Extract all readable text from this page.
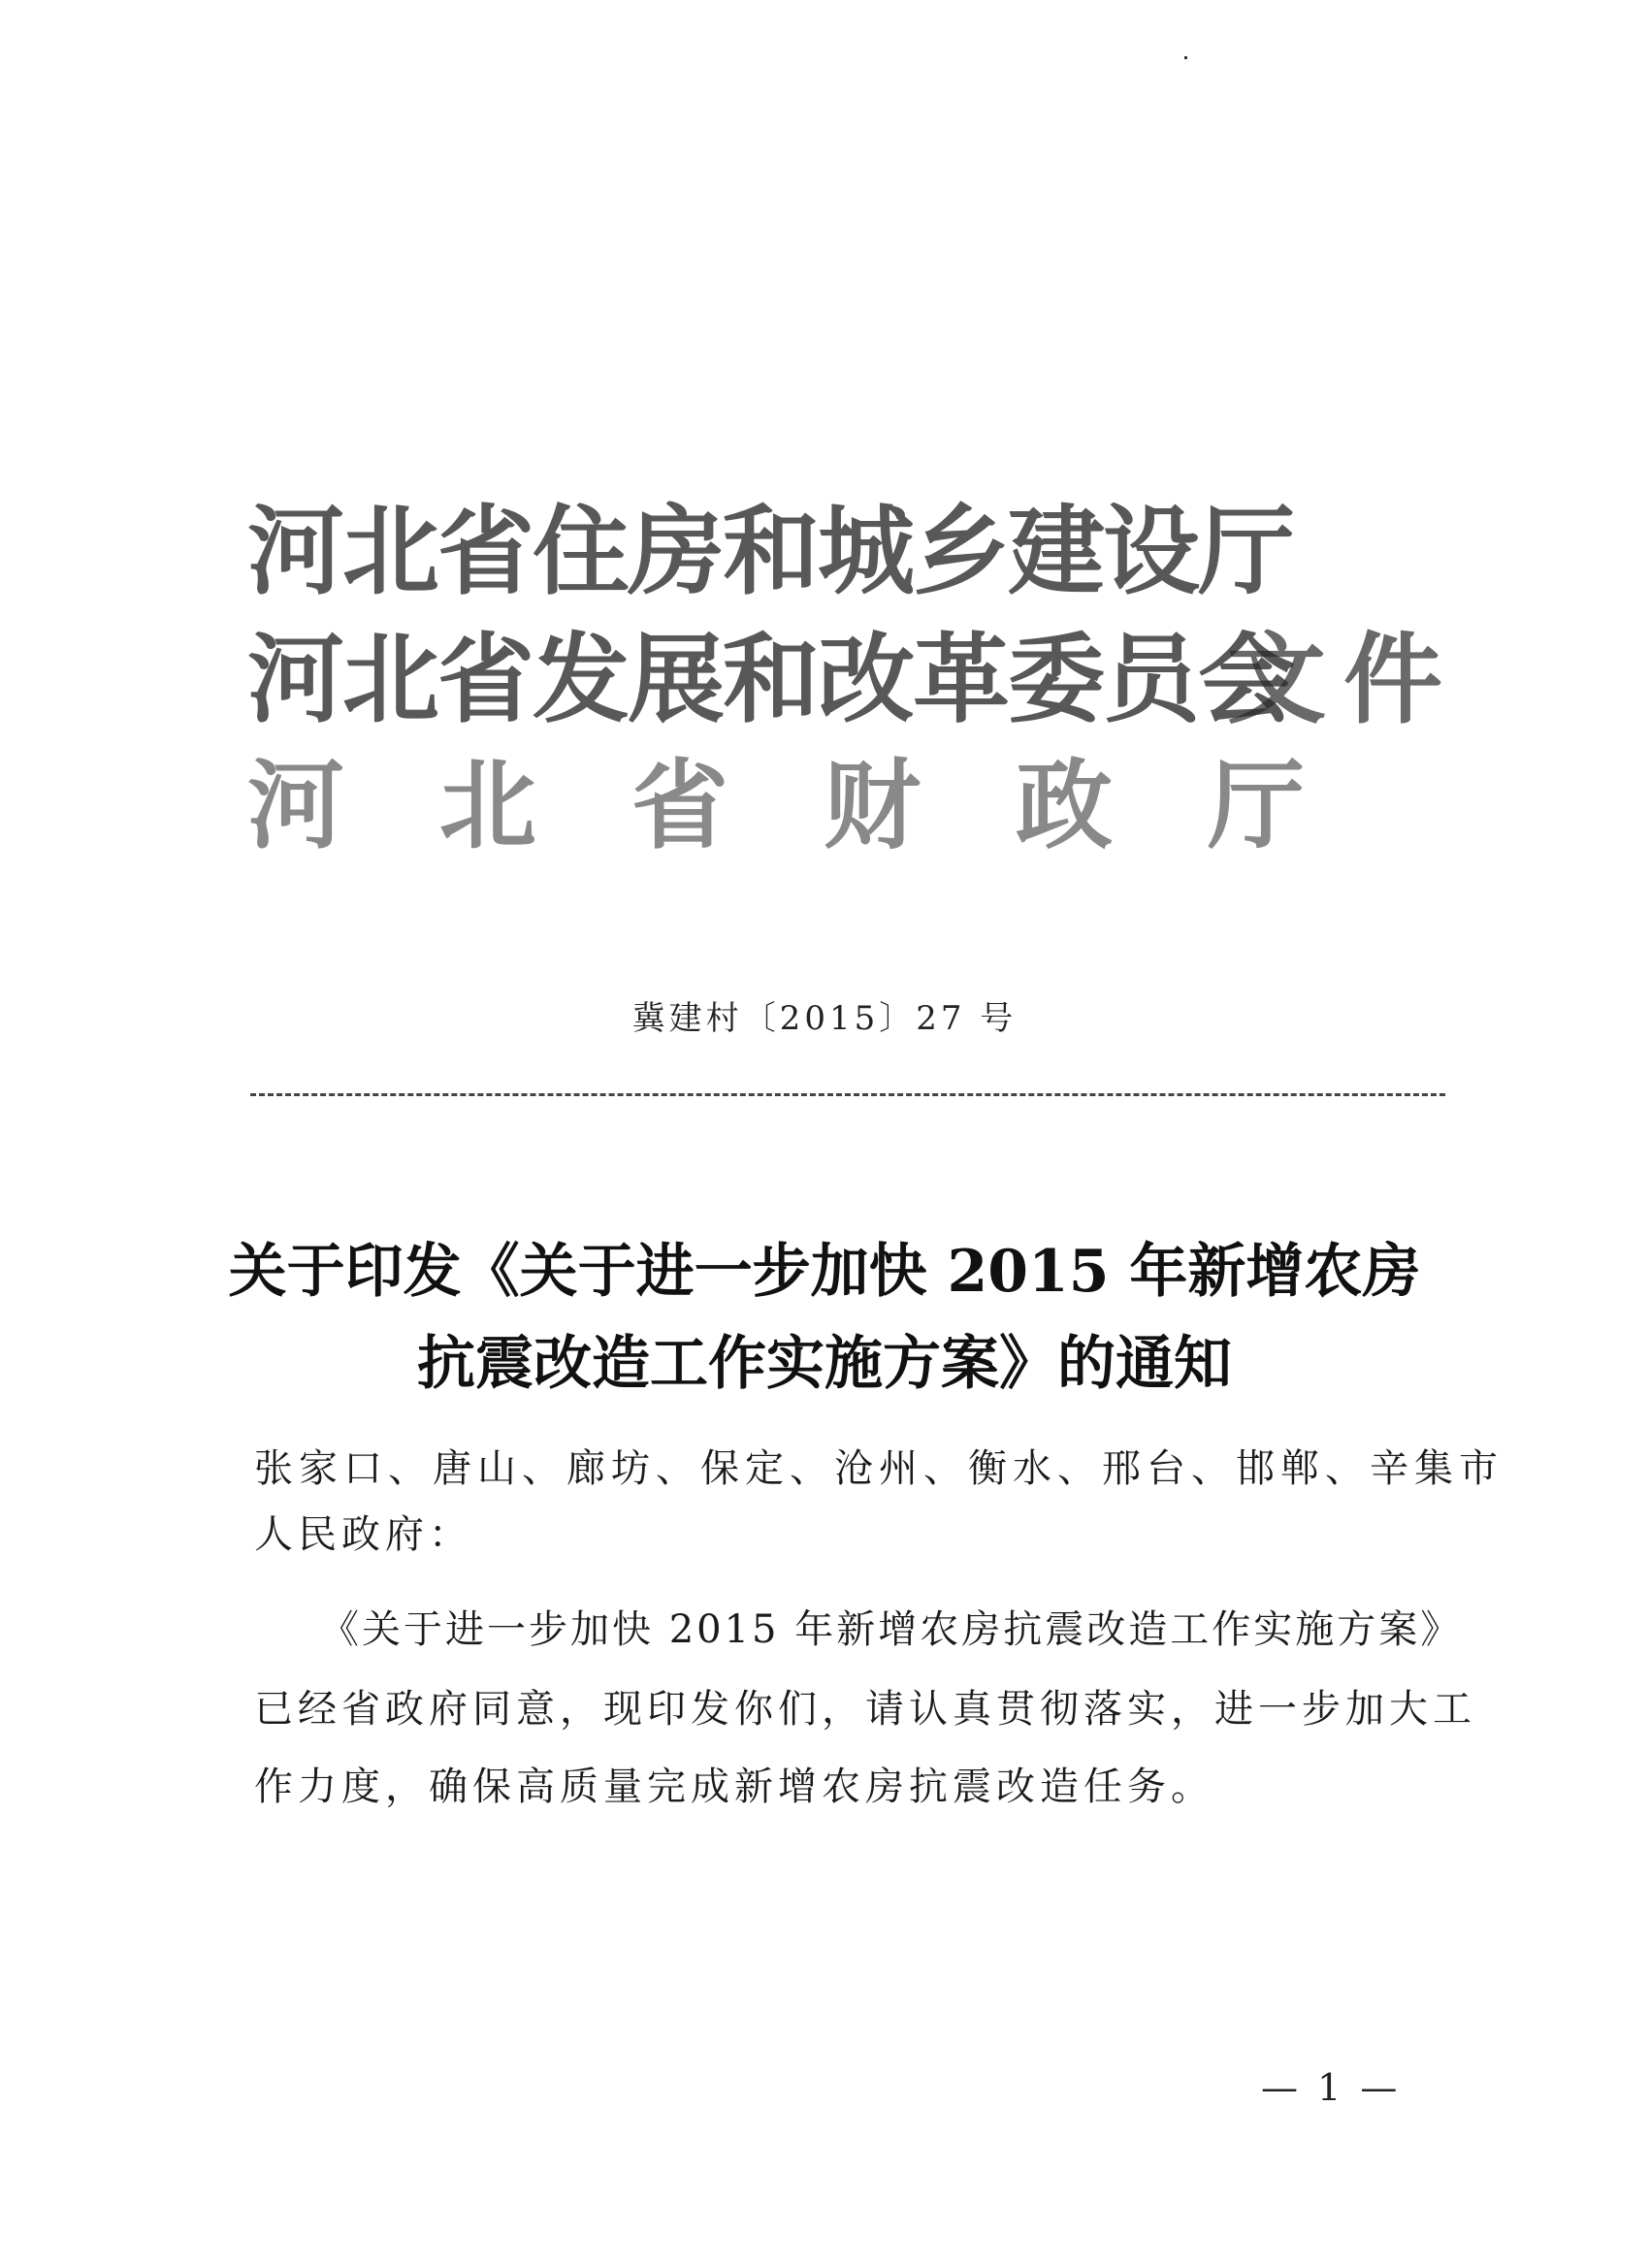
河北省住房和城乡建设厅
河北省发展和改革委员会
河北省财政厅
文件
冀建村〔2015〕27 号
关于印发《关于进一步加快 2015 年新增农房
抗震改造工作实施方案》的通知
张家口、唐山、廊坊、保定、沧州、衡水、邢台、邯郸、辛集市
人民政府：
《关于进一步加快 2015 年新增农房抗震改造工作实施方案》
已经省政府同意，现印发你们，请认真贯彻落实，进一步加大工
作力度，确保高质量完成新增农房抗震改造任务。
— 1 —
